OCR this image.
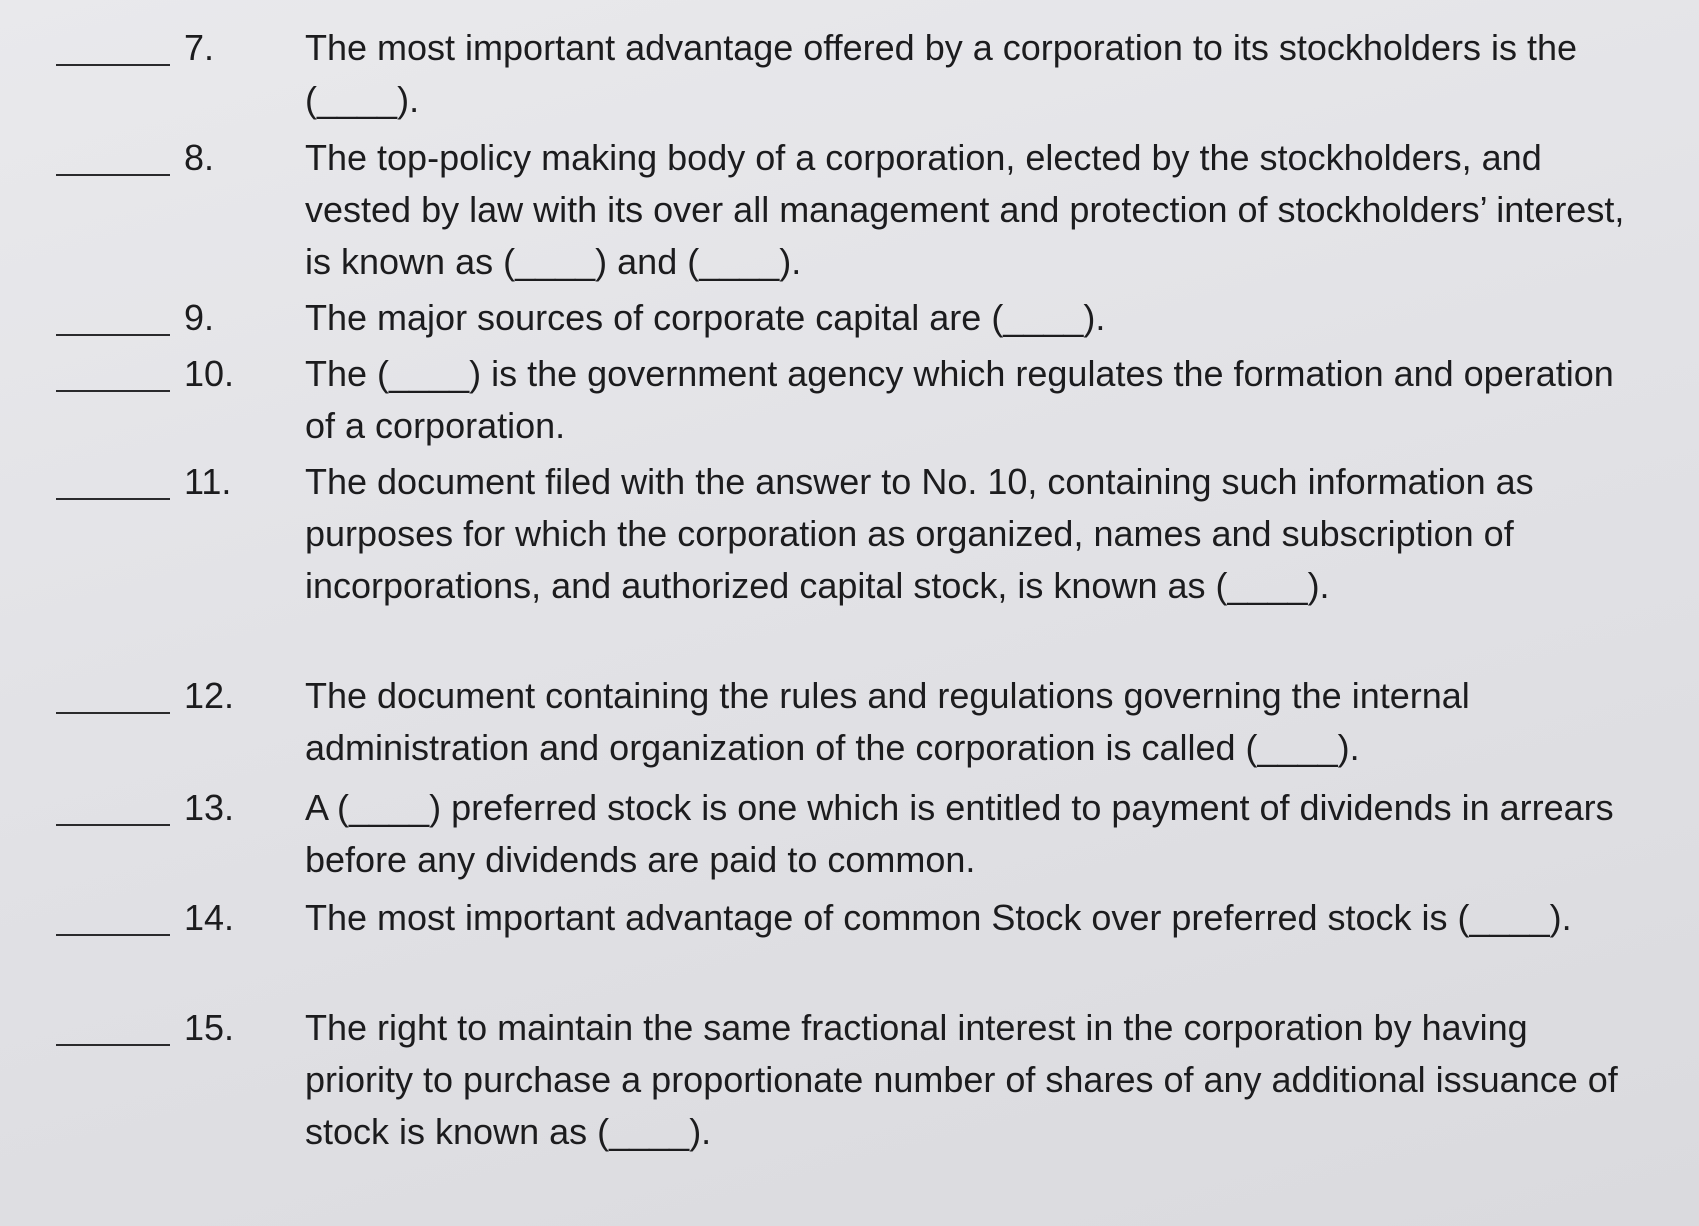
7.	The most important advantage offered by a corporation to its stockholders is the (____).
8.	The top-policy making body of a corporation, elected by the stockholders, and vested by law with its over all management and protection of stockholders’ interest, is known as (____) and (____).
9.	The major sources of corporate capital are (____).
10. The (____) is the government agency which regulates the formation and operation of a corporation.
11. The document filed with the answer to No. 10, containing such information as purposes for which the corporation as organized, names and subscription of incorporations, and authorized capital stock, is known as (____).
12. The document containing the rules and regulations governing the internal administration and organization of the corporation is called (____).
13. A (____) preferred stock is one which is entitled to payment of dividends in arrears before any dividends are paid to common.
14. The most important advantage of common Stock over preferred stock is (____).
15. The right to maintain the same fractional interest in the corporation by having priority to purchase a proportionate number of shares of any additional issuance of stock is known as (____).
